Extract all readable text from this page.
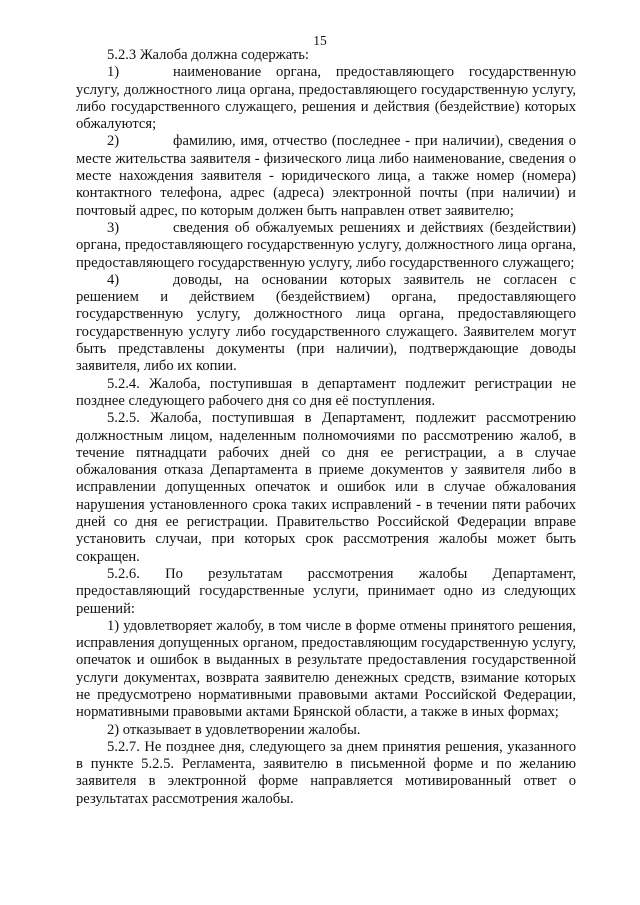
15

5.2.3 Жалоба должна содержать:

1)	наименование органа, предоставляющего государственную услугу, должностного лица органа, предоставляющего государственную услугу, либо государственного служащего, решения и действия (бездействие) которых обжалуются;

2)	фамилию, имя, отчество (последнее - при наличии), сведения о месте жительства заявителя - физического лица либо наименование, сведения о месте нахождения заявителя - юридического лица, а также номер (номера) контактного телефона, адрес (адреса) электронной почты (при наличии) и почтовый адрес, по которым должен быть направлен ответ заявителю;

3)	сведения об обжалуемых решениях и действиях (бездействии) органа, предоставляющего государственную услугу, должностного лица органа, предоставляющего государственную услугу, либо государственного служащего;

4)	доводы, на основании которых заявитель не согласен с решением и действием (бездействием) органа, предоставляющего государственную услугу, должностного лица органа, предоставляющего государственную услугу либо государственного служащего. Заявителем могут быть представлены документы (при наличии), подтверждающие доводы заявителя, либо их копии.

5.2.4. Жалоба, поступившая в департамент подлежит регистрации не позднее следующего рабочего дня со дня её поступления.

5.2.5. Жалоба, поступившая в Департамент, подлежит рассмотрению должностным лицом, наделенным полномочиями по рассмотрению жалоб, в течение пятнадцати рабочих дней со дня ее регистрации, а в случае обжалования отказа Департамента в приеме документов у заявителя либо в исправлении допущенных опечаток и ошибок или в случае обжалования нарушения установленного срока таких исправлений - в течении пяти рабочих дней со дня ее регистрации. Правительство Российской Федерации вправе установить случаи, при которых срок рассмотрения жалобы может быть сокращен.

5.2.6. По результатам рассмотрения жалобы Департамент, предоставляющий государственные услуги, принимает одно из следующих решений:

1) удовлетворяет жалобу, в том числе в форме отмены принятого решения, исправления допущенных органом, предоставляющим государственную услугу, опечаток и ошибок в выданных в результате предоставления государственной услуги документах, возврата заявителю денежных средств, взимание которых не предусмотрено нормативными правовыми актами Российской Федерации, нормативными правовыми актами Брянской области, а также в иных формах;

2) отказывает в удовлетворении жалобы.

5.2.7. Не позднее дня, следующего за днем принятия решения, указанного в пункте 5.2.5. Регламента, заявителю в письменной форме и по желанию заявителя в электронной форме направляется мотивированный ответ о результатах рассмотрения жалобы.
